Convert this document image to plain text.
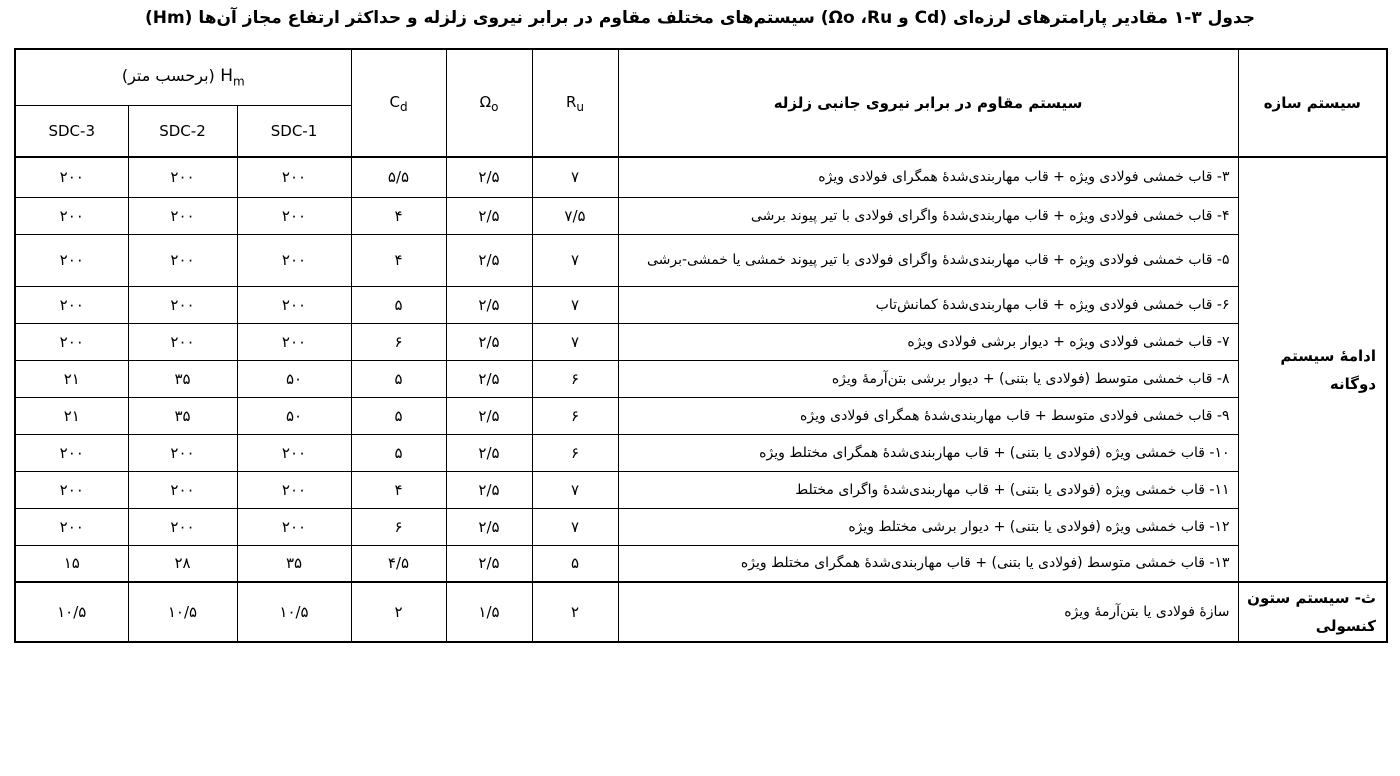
جدول ۳-۱ مقادیر پارامترهای لرزه‌ای (Cd و Ωo ،Ru) سیستم‌های مختلف مقاوم در برابر نیروی زلزله و حداکثر ارتفاع مجاز آن‌ها (Hm)
(برحسب متر) $H_m$			$C_d$	$\Omega_o$	$R_u$	سیستم مقاوم در برابر نیروی جانبی زلزله	سیستم سازه
SDC-3	SDC-2	SDC-1					
۲۰۰	۲۰۰	۲۰۰	۵/۵	۲/۵	۷	۳- قاب خمشی فولادی ویژه + قاب مهاربندی‌شدهٔ همگرای فولادی ویژه	ادامهٔ سیستم دوگانه
۲۰۰	۲۰۰	۲۰۰	۴	۲/۵	۷/۵	۴- قاب خمشی فولادی ویژه + قاب مهاربندی‌شدهٔ واگرای فولادی با تیر پیوند برشی	
۲۰۰	۲۰۰	۲۰۰	۴	۲/۵	۷	۵- قاب خمشی فولادی ویژه + قاب مهاربندی‌شدهٔ واگرای فولادی با تیر پیوند خمشی یا خمشی-برشی	
۲۰۰	۲۰۰	۲۰۰	۵	۲/۵	۷	۶- قاب خمشی فولادی ویژه + قاب مهاربندی‌شدهٔ کمانش‌تاب	
۲۰۰	۲۰۰	۲۰۰	۶	۲/۵	۷	۷- قاب خمشی فولادی ویژه + دیوار برشی فولادی ویژه	
۲۱	۳۵	۵۰	۵	۲/۵	۶	۸- قاب خمشی متوسط (فولادی یا بتنی) + دیوار برشی بتن‌آرمهٔ ویژه	
۲۱	۳۵	۵۰	۵	۲/۵	۶	۹- قاب خمشی فولادی متوسط + قاب مهاربندی‌شدهٔ همگرای فولادی ویژه	
۲۰۰	۲۰۰	۲۰۰	۵	۲/۵	۶	۱۰- قاب خمشی ویژه (فولادی یا بتنی) + قاب مهاربندی‌شدهٔ همگرای مختلط ویژه	
۲۰۰	۲۰۰	۲۰۰	۴	۲/۵	۷	۱۱- قاب خمشی ویژه (فولادی یا بتنی) + قاب مهاربندی‌شدهٔ واگرای مختلط	
۲۰۰	۲۰۰	۲۰۰	۶	۲/۵	۷	۱۲- قاب خمشی ویژه (فولادی یا بتنی) + دیوار برشی مختلط ویژه	
۱۵	۲۸	۳۵	۴/۵	۲/۵	۵	۱۳- قاب خمشی متوسط (فولادی یا بتنی) + قاب مهاربندی‌شدهٔ همگرای مختلط ویژه	
۱۰/۵	۱۰/۵	۱۰/۵	۲	۱/۵	۲	سازهٔ فولادی یا بتن‌آرمهٔ ویژه	ث- سیستم ستون کنسولی
